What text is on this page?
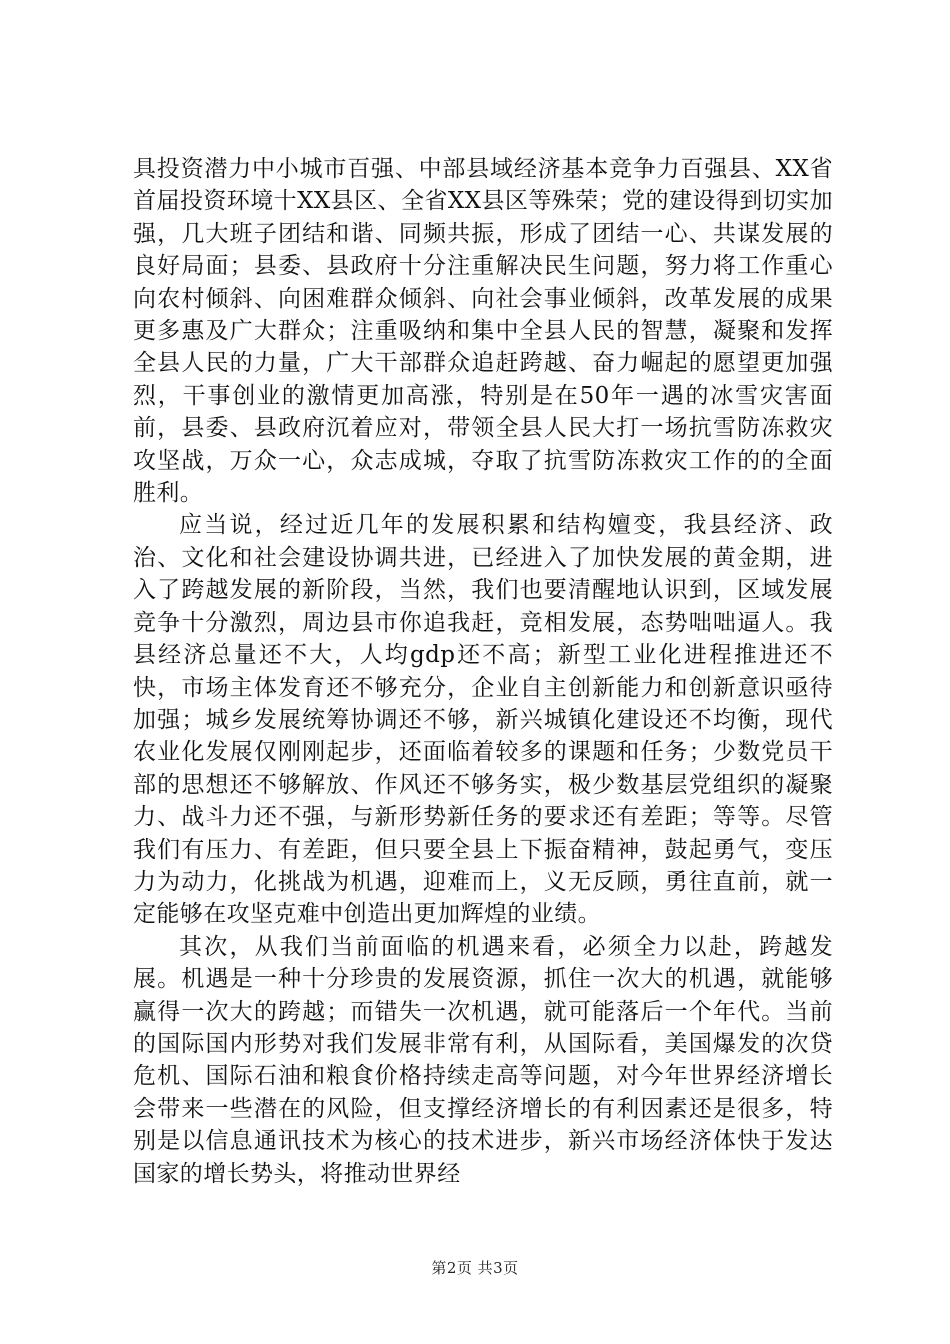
具投资潜力中小城市百强、中部县域经济基本竞争力百强县、XX省首届投资环境十XX县区、全省XX县区等殊荣；党的建设得到切实加强，几大班子团结和谐、同频共振，形成了团结一心、共谋发展的良好局面；县委、县政府十分注重解决民生问题，努力将工作重心向农村倾斜、向困难群众倾斜、向社会事业倾斜，改革发展的成果更多惠及广大群众；注重吸纳和集中全县人民的智慧，凝聚和发挥全县人民的力量，广大干部群众追赶跨越、奋力崛起的愿望更加强烈，干事创业的激情更加高涨，特别是在50年一遇的冰雪灾害面前，县委、县政府沉着应对，带领全县人民大打一场抗雪防冻救灾攻坚战，万众一心，众志成城，夺取了抗雪防冻救灾工作的的全面胜利。

应当说，经过近几年的发展积累和结构嬗变，我县经济、政治、文化和社会建设协调共进，已经进入了加快发展的黄金期，进入了跨越发展的新阶段，当然，我们也要清醒地认识到，区域发展竞争十分激烈，周边县市你追我赶，竞相发展，态势咄咄逼人。我县经济总量还不大，人均gdp还不高；新型工业化进程推进还不快，市场主体发育还不够充分，企业自主创新能力和创新意识亟待加强；城乡发展统筹协调还不够，新兴城镇化建设还不均衡，现代农业化发展仅刚刚起步，还面临着较多的课题和任务；少数党员干部的思想还不够解放、作风还不够务实，极少数基层党组织的凝聚力、战斗力还不强，与新形势新任务的要求还有差距；等等。尽管我们有压力、有差距，但只要全县上下振奋精神，鼓起勇气，变压力为动力，化挑战为机遇，迎难而上，义无反顾，勇往直前，就一定能够在攻坚克难中创造出更加辉煌的业绩。

其次，从我们当前面临的机遇来看，必须全力以赴，跨越发展。机遇是一种十分珍贵的发展资源，抓住一次大的机遇，就能够赢得一次大的跨越；而错失一次机遇，就可能落后一个年代。当前的国际国内形势对我们发展非常有利，从国际看，美国爆发的次贷危机、国际石油和粮食价格持续走高等问题，对今年世界经济增长会带来一些潜在的风险，但支撑经济增长的有利因素还是很多，特别是以信息通讯技术为核心的技术进步，新兴市场经济体快于发达国家的增长势头，将推动世界经

第2页 共3页
